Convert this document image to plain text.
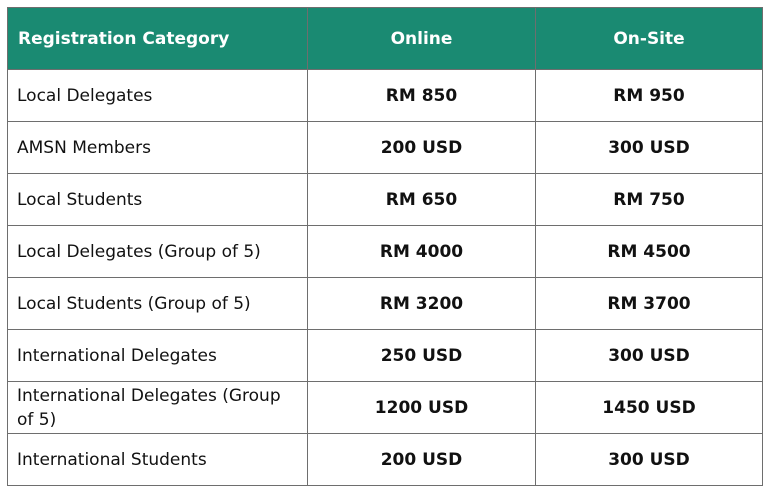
Registration Category	Online	On-Site
Local Delegates	RM 850	RM 950
AMSN Members	200 USD	300 USD
Local Students	RM 650	RM 750
Local Delegates (Group of 5)	RM 4000	RM 4500
Local Students (Group of 5)	RM 3200	RM 3700
International Delegates	250 USD	300 USD
International Delegates (Group of 5)	1200 USD	1450 USD
International Students	200 USD	300 USD
